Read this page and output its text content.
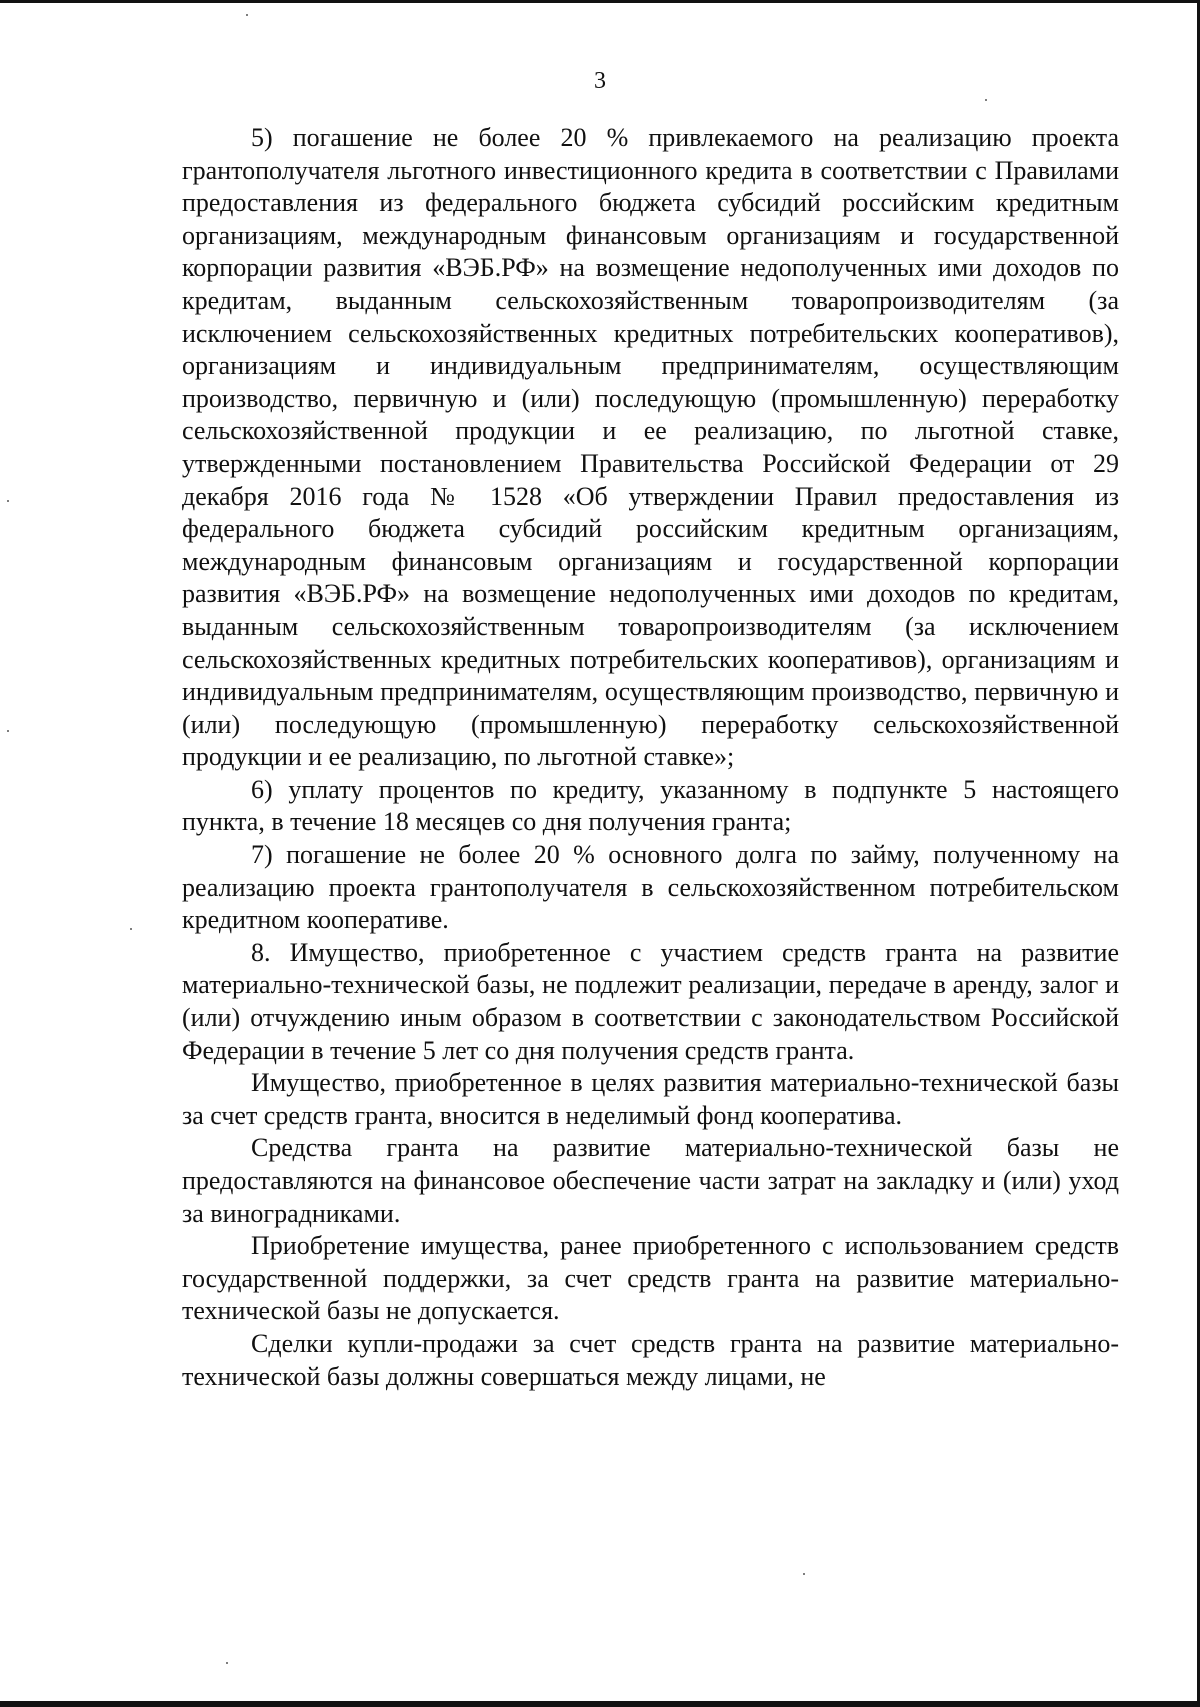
3

5) погашение не более 20 % привлекаемого на реализацию проекта грантополучателя льготного инвестиционного кредита в соответствии с Правилами предоставления из федерального бюджета субсидий российским кредитным организациям, международным финансовым организациям и государственной корпорации развития «ВЭБ.РФ» на возмещение недополученных ими доходов по кредитам, выданным сельскохозяйственным товаропроизводителям (за исключением сельскохозяйственных кредитных потребительских кооперативов), организациям и индивидуальным предпринимателям, осуществляющим производство, первичную и (или) последующую (промышленную) переработку сельскохозяйственной продукции и ее реализацию, по льготной ставке, утвержденными постановлением Правительства Российской Федерации от 29 декабря 2016 года № 1528 «Об утверждении Правил предоставления из федерального бюджета субсидий российским кредитным организациям, международным финансовым организациям и государственной корпорации развития «ВЭБ.РФ» на возмещение недополученных ими доходов по кредитам, выданным сельскохозяйственным товаропроизводителям (за исключением сельскохозяйственных кредитных потребительских кооперативов), организациям и индивидуальным предпринимателям, осуществляющим производство, первичную и (или) последующую (промышленную) переработку сельскохозяйственной продукции и ее реализацию, по льготной ставке»;

6) уплату процентов по кредиту, указанному в подпункте 5 настоящего пункта, в течение 18 месяцев со дня получения гранта;

7) погашение не более 20 % основного долга по займу, полученному на реализацию проекта грантополучателя в сельскохозяйственном потребительском кредитном кооперативе.

8. Имущество, приобретенное с участием средств гранта на развитие материально-технической базы, не подлежит реализации, передаче в аренду, залог и (или) отчуждению иным образом в соответствии с законодательством Российской Федерации в течение 5 лет со дня получения средств гранта.

Имущество, приобретенное в целях развития материально-технической базы за счет средств гранта, вносится в неделимый фонд кооператива.

Средства гранта на развитие материально-технической базы не предоставляются на финансовое обеспечение части затрат на закладку и (или) уход за виноградниками.

Приобретение имущества, ранее приобретенного с использованием средств государственной поддержки, за счет средств гранта на развитие материально-технической базы не допускается.

Сделки купли-продажи за счет средств гранта на развитие материально-технической базы должны совершаться между лицами, не
